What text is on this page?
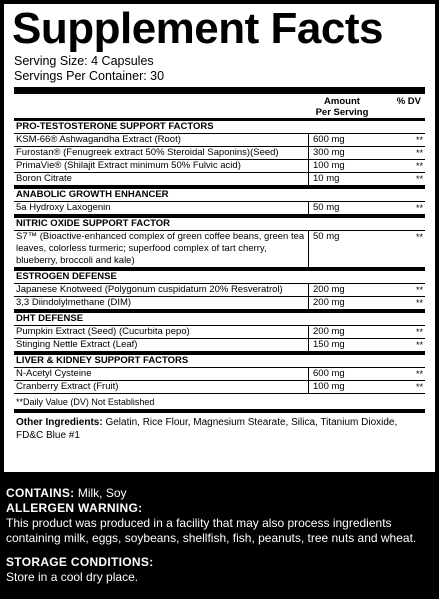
Supplement Facts
Serving Size: 4 Capsules
Servings Per Container: 30
Amount
Per Serving
% DV
PRO-TESTOSTERONE SUPPORT FACTORS
KSM-66® Ashwagandha Extract (Root)	600 mg	**
Furostan® (Fenugreek extract 50% Steroidal Saponins)(Seed)	300 mg	**
PrimaVie® (Shilajit Extract minimum 50% Fulvic acid)	100 mg	**
Boron Citrate	10 mg	**
ANABOLIC GROWTH ENHANCER
5a Hydroxy Laxogenin	50 mg	**
NITRIC OXIDE SUPPORT FACTOR
S7™ (Bioactive-enhanced complex of green coffee beans, green tea leaves, colorless turmeric; superfood complex of tart cherry, blueberry, broccoli and kale)
50 mg	**
ESTROGEN DEFENSE
Japanese Knotweed (Polygonum cuspidatum 20% Resveratrol)	200 mg	**
3,3 Diindolylmethane (DIM)	200 mg	**
DHT DEFENSE
Pumpkin Extract (Seed) (Cucurbita pepo)	200 mg	**
Stinging Nettle Extract (Leaf)	150 mg	**
LIVER & KIDNEY SUPPORT FACTORS
N-Acetyl Cysteine	600 mg	**
Cranberry Extract (Fruit)	100 mg	**
**Daily Value (DV) Not Established
Other Ingredients: Gelatin, Rice Flour, Magnesium Stearate, Silica, Titanium Dioxide, FD&C Blue #1

CONTAINS: Milk, Soy

ALLERGEN WARNING:

This product was produced in a facility that may also process ingredients containing milk, eggs, soybeans, shellfish, fish, peanuts, tree nuts and wheat.

STORAGE CONDITIONS:

Store in a cool dry place.
